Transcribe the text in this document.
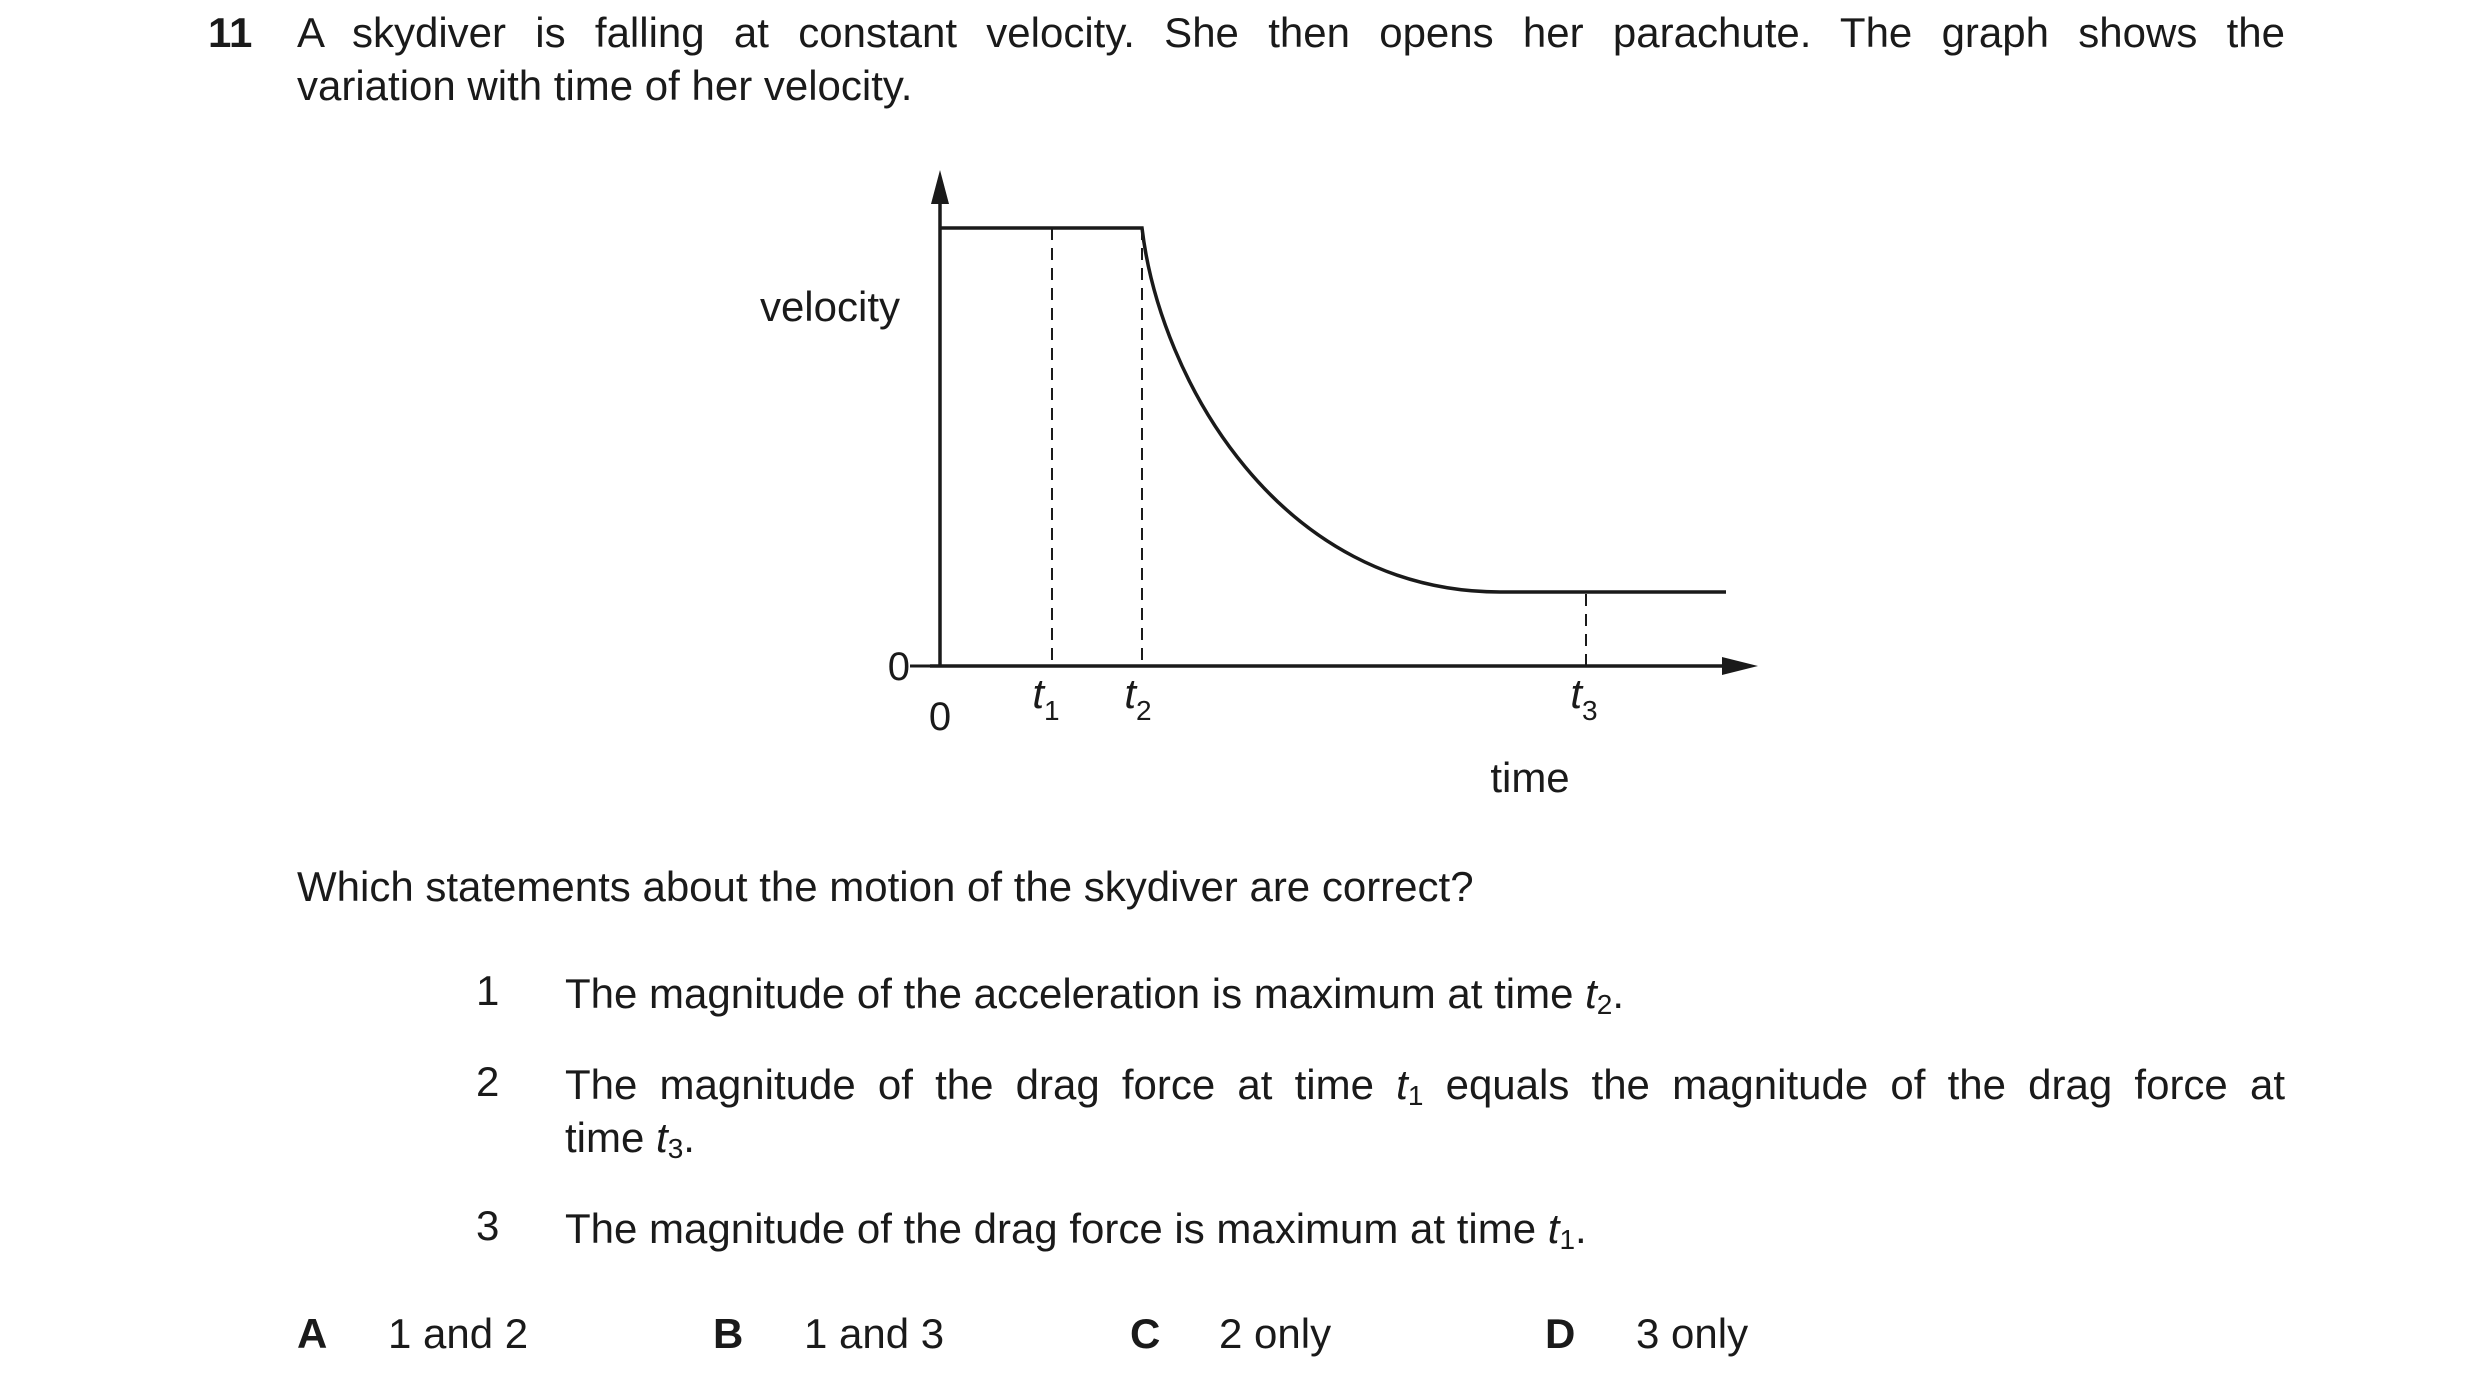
11 A skydiver is falling at constant velocity. She then opens her parachute. The graph shows the
variation with time of her velocity.
velocity
0
0 $t_1$ $t_2$	$t_3$
time
Which statements about the motion of the skydiver are correct?
1 The magnitude of the acceleration is maximum at time $t_2$.
2 The magnitude of the drag force at time $t_1$ equals the magnitude of the drag force at
time $t_3$.
3 The magnitude of the drag force is maximum at time $t_1$.
A 1 and 2	B 1 and 3	C 2 only	D 3 only
